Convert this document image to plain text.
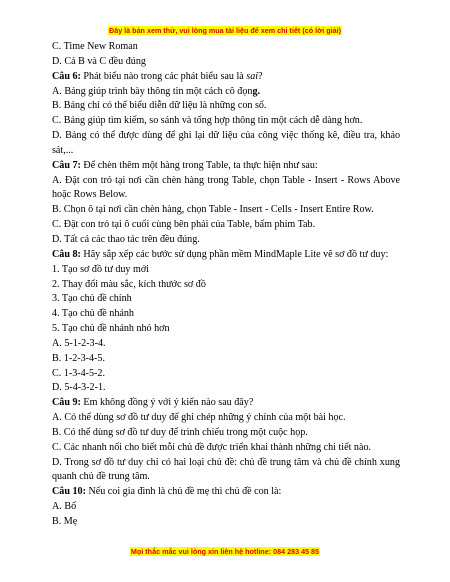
Đây là bản xem thử, vui lòng mua tài liệu để xem chi tiết (có lời giải)
C. Time New Roman
D. Cả B và C đều đúng
Câu 6: Phát biểu nào trong các phát biểu sau là sai?
A. Bảng giúp trình bày thông tin một cách cô đọng.
B. Bảng chỉ có thể biểu diễn dữ liệu là những con số.
C. Bảng giúp tìm kiếm, so sánh và tổng hợp thông tin một cách dễ dàng hơn.
D. Bảng có thể được dùng để ghi lại dữ liệu của công việc thống kê, điều tra, khảo sát,...
Câu 7: Để chèn thêm một hàng trong Table, ta thực hiện như sau:
A. Đặt con trỏ tại nơi cần chèn hàng trong Table, chọn Table - Insert - Rows Above hoặc Rows Below.
B. Chọn ô tại nơi cần chèn hàng, chọn Table - Insert - Cells - Insert Entire Row.
C. Đặt con trỏ tại ô cuối cùng bên phải của Table, bấm phím Tab.
D. Tất cả các thao tác trên đều đúng.
Câu 8: Hãy sắp xếp các bước sử dụng phần mềm MindMaple Lite vẽ sơ đồ tư duy:
1. Tạo sơ đồ tư duy mới
2. Thay đổi màu sắc, kích thước sơ đồ
3. Tạo chủ đề chính
4. Tạo chủ đề nhánh
5. Tạo chủ đề nhánh nhỏ hơn
A. 5-1-2-3-4.
B. 1-2-3-4-5.
C. 1-3-4-5-2.
D. 5-4-3-2-1.
Câu 9: Em không đồng ý với ý kiến nào sau đây?
A. Có thể dùng sơ đồ tư duy để ghi chép những ý chính của một bài học.
B. Có thể dùng sơ đồ tư duy để trình chiếu trong một cuộc họp.
C. Các nhanh nối cho biết mỗi chủ đề được triển khai thành những chi tiết nào.
D. Trong sơ đồ tư duy chỉ có hai loại chủ đề: chủ đề trung tâm và chủ đề chính xung quanh chủ đề trung tâm.
Câu 10: Nếu coi gia đình là chủ đề mẹ thì chủ đề con là:
A. Bố
B. Mẹ
Mọi thắc mắc vui lòng xin liên hệ hotline: 084 283 45 85
